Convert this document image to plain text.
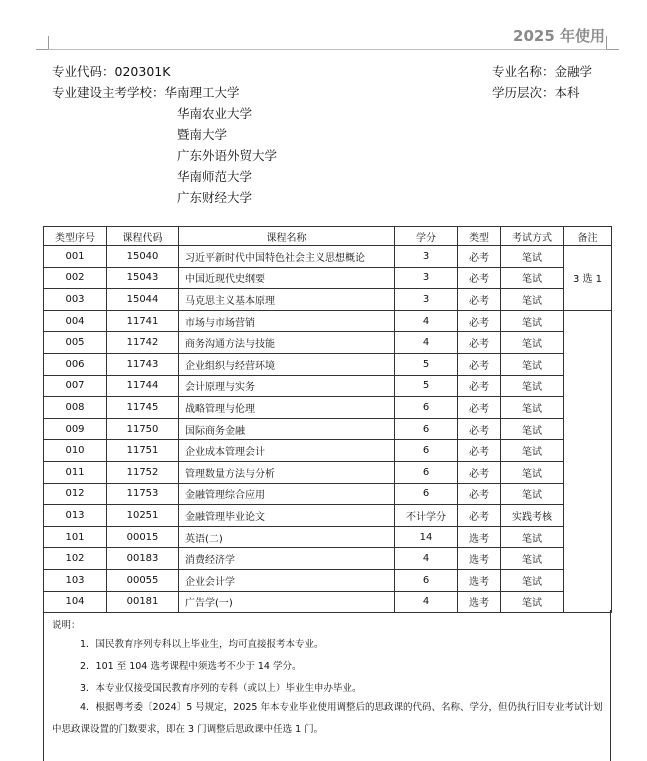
2025 年使用
专业代码：020301K
专业建设主考学校：华南理工大学
华南农业大学
暨南大学
广东外语外贸大学
华南师范大学
广东财经大学
专业名称：金融学
学历层次：本科
类型序号	课程代码	课程名称	学分	类型	考试方式	备注
001	15040	习近平新时代中国特色社会主义思想概论	3	必考	笔试	3 选 1
002	15043	中国近现代史纲要	3	必考	笔试	
003	15044	马克思主义基本原理	3	必考	笔试	
004	11741	市场与市场营销	4	必考	笔试	
005	11742	商务沟通方法与技能	4	必考	笔试	
006	11743	企业组织与经营环境	5	必考	笔试	
007	11744	会计原理与实务	5	必考	笔试	
008	11745	战略管理与伦理	6	必考	笔试	
009	11750	国际商务金融	6	必考	笔试	
010	11751	企业成本管理会计	6	必考	笔试	
011	11752	管理数量方法与分析	6	必考	笔试	
012	11753	金融管理综合应用	6	必考	笔试	
013	10251	金融管理毕业论文	不计学分	必考	实践考核	
101	00015	英语(二)	14	选考	笔试	
102	00183	消费经济学	4	选考	笔试	
103	00055	企业会计学	6	选考	笔试	
104	00181	广告学(一)	4	选考	笔试	
说明：
1．国民教育序列专科以上毕业生，均可直接报考本专业。
2．101 至 104 选考课程中须选考不少于 14 学分。
3．本专业仅接受国民教育序列的专科（或以上）毕业生申办毕业。
4．根据粤考委〔2024〕5 号规定，2025 年本专业毕业使用调整后的思政课的代码、名称、学分，但仍执行旧专业考试计划中思政课设置的门数要求，即在 3 门调整后思政课中任选 1 门。
